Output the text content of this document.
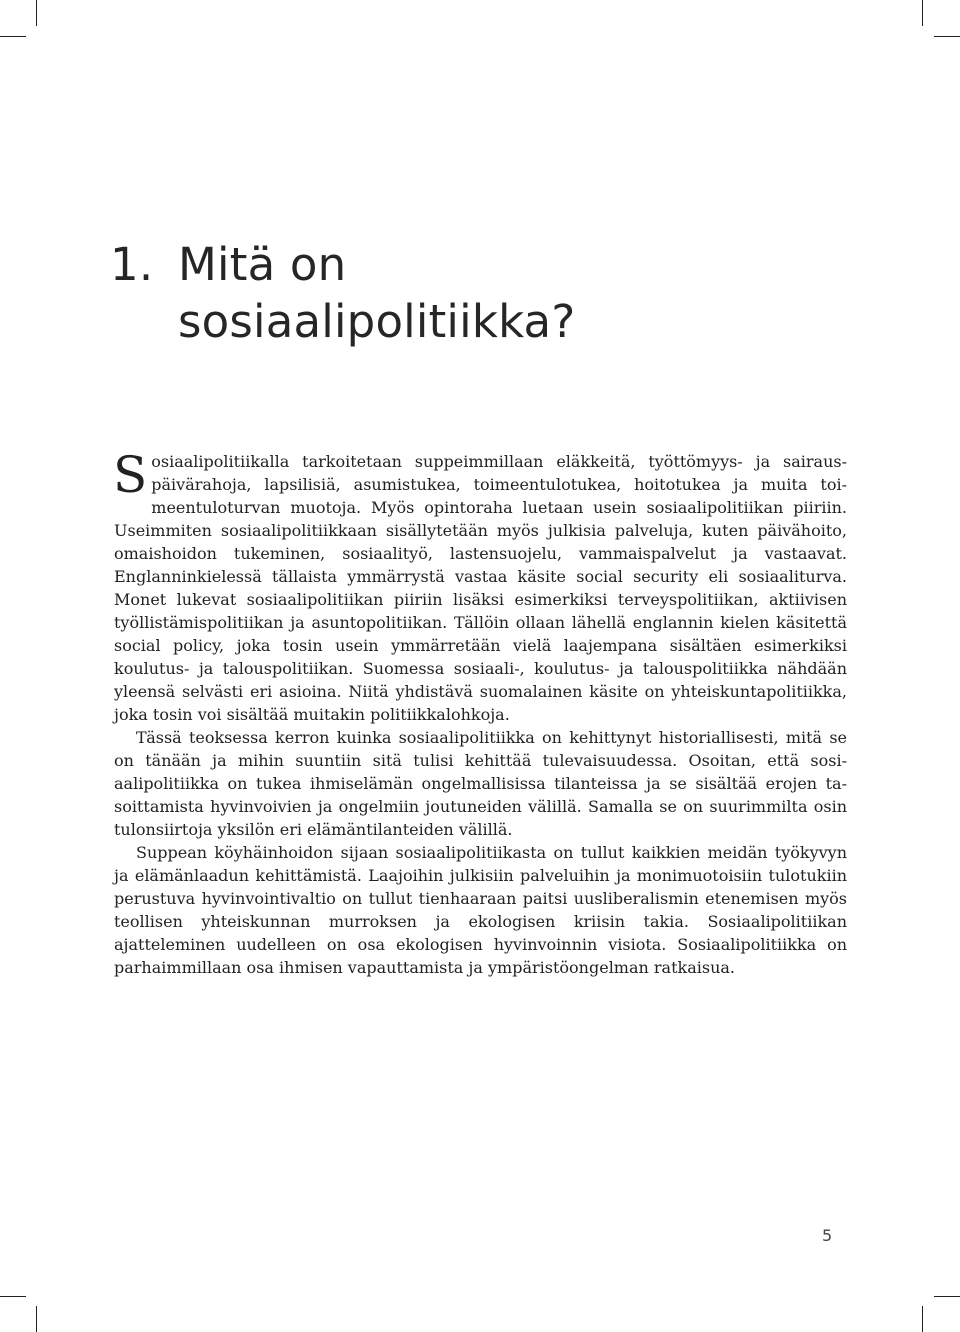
1. Mitä on
sosiaalipolitiikka?

Sosiaalipolitiikalla tarkoitetaan suppeimmillaan eläkkeitä, työttömyys- ja sairauspäivärahoja, lapsilisiä, asumistukea, toimeentulotukea, hoitotukea ja muita toimeentuloturvan muotoja. Myös opintoraha luetaan usein sosiaalipolitiikan piiriin. Useimmiten sosiaalipolitiikkaan sisällytetään myös julkisia palveluja, kuten päivähoito, omaishoidon tukeminen, sosiaalityö, lastensuojelu, vammaispalvelut ja vastaavat. Englanninkielessä tällaista ymmärrystä vastaa käsite social security eli sosiaaliturva. Monet lukevat sosiaalipolitiikan piiriin lisäksi esimerkiksi terveyspolitiikan, aktiivisen työllistämispolitiikan ja asuntopolitiikan. Tällöin ollaan lähellä englannin kielen käsitettä social policy, joka tosin usein ymmärretään vielä laajempana sisältäen esimerkiksi koulutus- ja talouspolitiikan. Suomessa sosiaali-, koulutus- ja talouspolitiikka nähdään yleensä selvästi eri asioina. Niitä yhdistävä suomalainen käsite on yhteiskuntapolitiikka, joka tosin voi sisältää muitakin politiikkalohkoja.

Tässä teoksessa kerron kuinka sosiaalipolitiikka on kehittynyt historiallisesti, mitä se on tänään ja mihin suuntiin sitä tulisi kehittää tulevaisuudessa. Osoitan, että sosiaalipolitiikka on tukea ihmiselämän ongelmallisissa tilanteissa ja se sisältää erojen tasoittamista hyvinvoivien ja ongelmiin joutuneiden välillä. Samalla se on suurimmilta osin tulonsiirtoja yksilön eri elämäntilanteiden välillä.

Suppean köyhäinhoidon sijaan sosiaalipolitiikasta on tullut kaikkien meidän työkyvyn ja elämänlaadun kehittämistä. Laajoihin julkisiin palveluihin ja monimuotoisiin tulotukiin perustuva hyvinvointivaltio on tullut tienhaaraan paitsi uusliberalismin etenemisen myös teollisen yhteiskunnan murroksen ja ekologisen kriisin takia. Sosiaalipolitiikan ajatteleminen uudelleen on osa ekologisen hyvinvoinnin visiota. Sosiaalipolitiikka on parhaimmillaan osa ihmisen vapauttamista ja ympäristöongelman ratkaisua.

5
